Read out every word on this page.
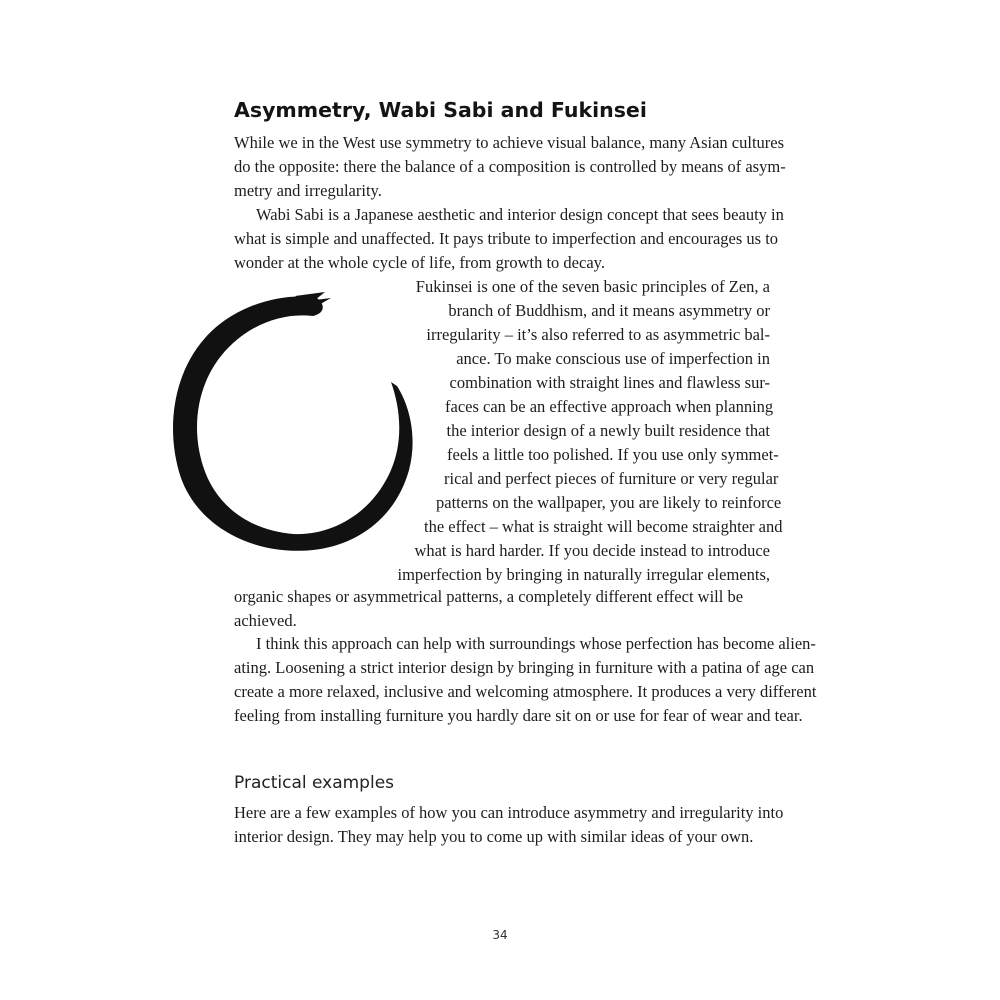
Asymmetry, Wabi Sabi and Fukinsei
While we in the West use symmetry to achieve visual balance, many Asian cultures
do the opposite: there the balance of a composition is controlled by means of asym-
metry and irregularity.
Wabi Sabi is a Japanese aesthetic and interior design concept that sees beauty in
what is simple and unaffected. It pays tribute to imperfection and encourages us to
wonder at the whole cycle of life, from growth to decay.
Fukinsei is one of the seven basic principles of Zen, a
branch of Buddhism, and it means asymmetry or
irregularity – it’s also referred to as asymmetric bal-
ance. To make conscious use of imperfection in
combination with straight lines and flawless sur-
faces can be an effective approach when planning
the interior design of a newly built residence that
feels a little too polished. If you use only symmet-
rical and perfect pieces of furniture or very regular
patterns on the wallpaper, you are likely to reinforce
the effect – what is straight will become straighter and
what is hard harder. If you decide instead to introduce
imperfection by bringing in naturally irregular elements,
organic shapes or asymmetrical patterns, a completely different effect will be
achieved.
I think this approach can help with surroundings whose perfection has become alien-
ating. Loosening a strict interior design by bringing in furniture with a patina of age can
create a more relaxed, inclusive and welcoming atmosphere. It produces a very different
feeling from installing furniture you hardly dare sit on or use for fear of wear and tear.
Practical examples
Here are a few examples of how you can introduce asymmetry and irregularity into
interior design. They may help you to come up with similar ideas of your own.
34
